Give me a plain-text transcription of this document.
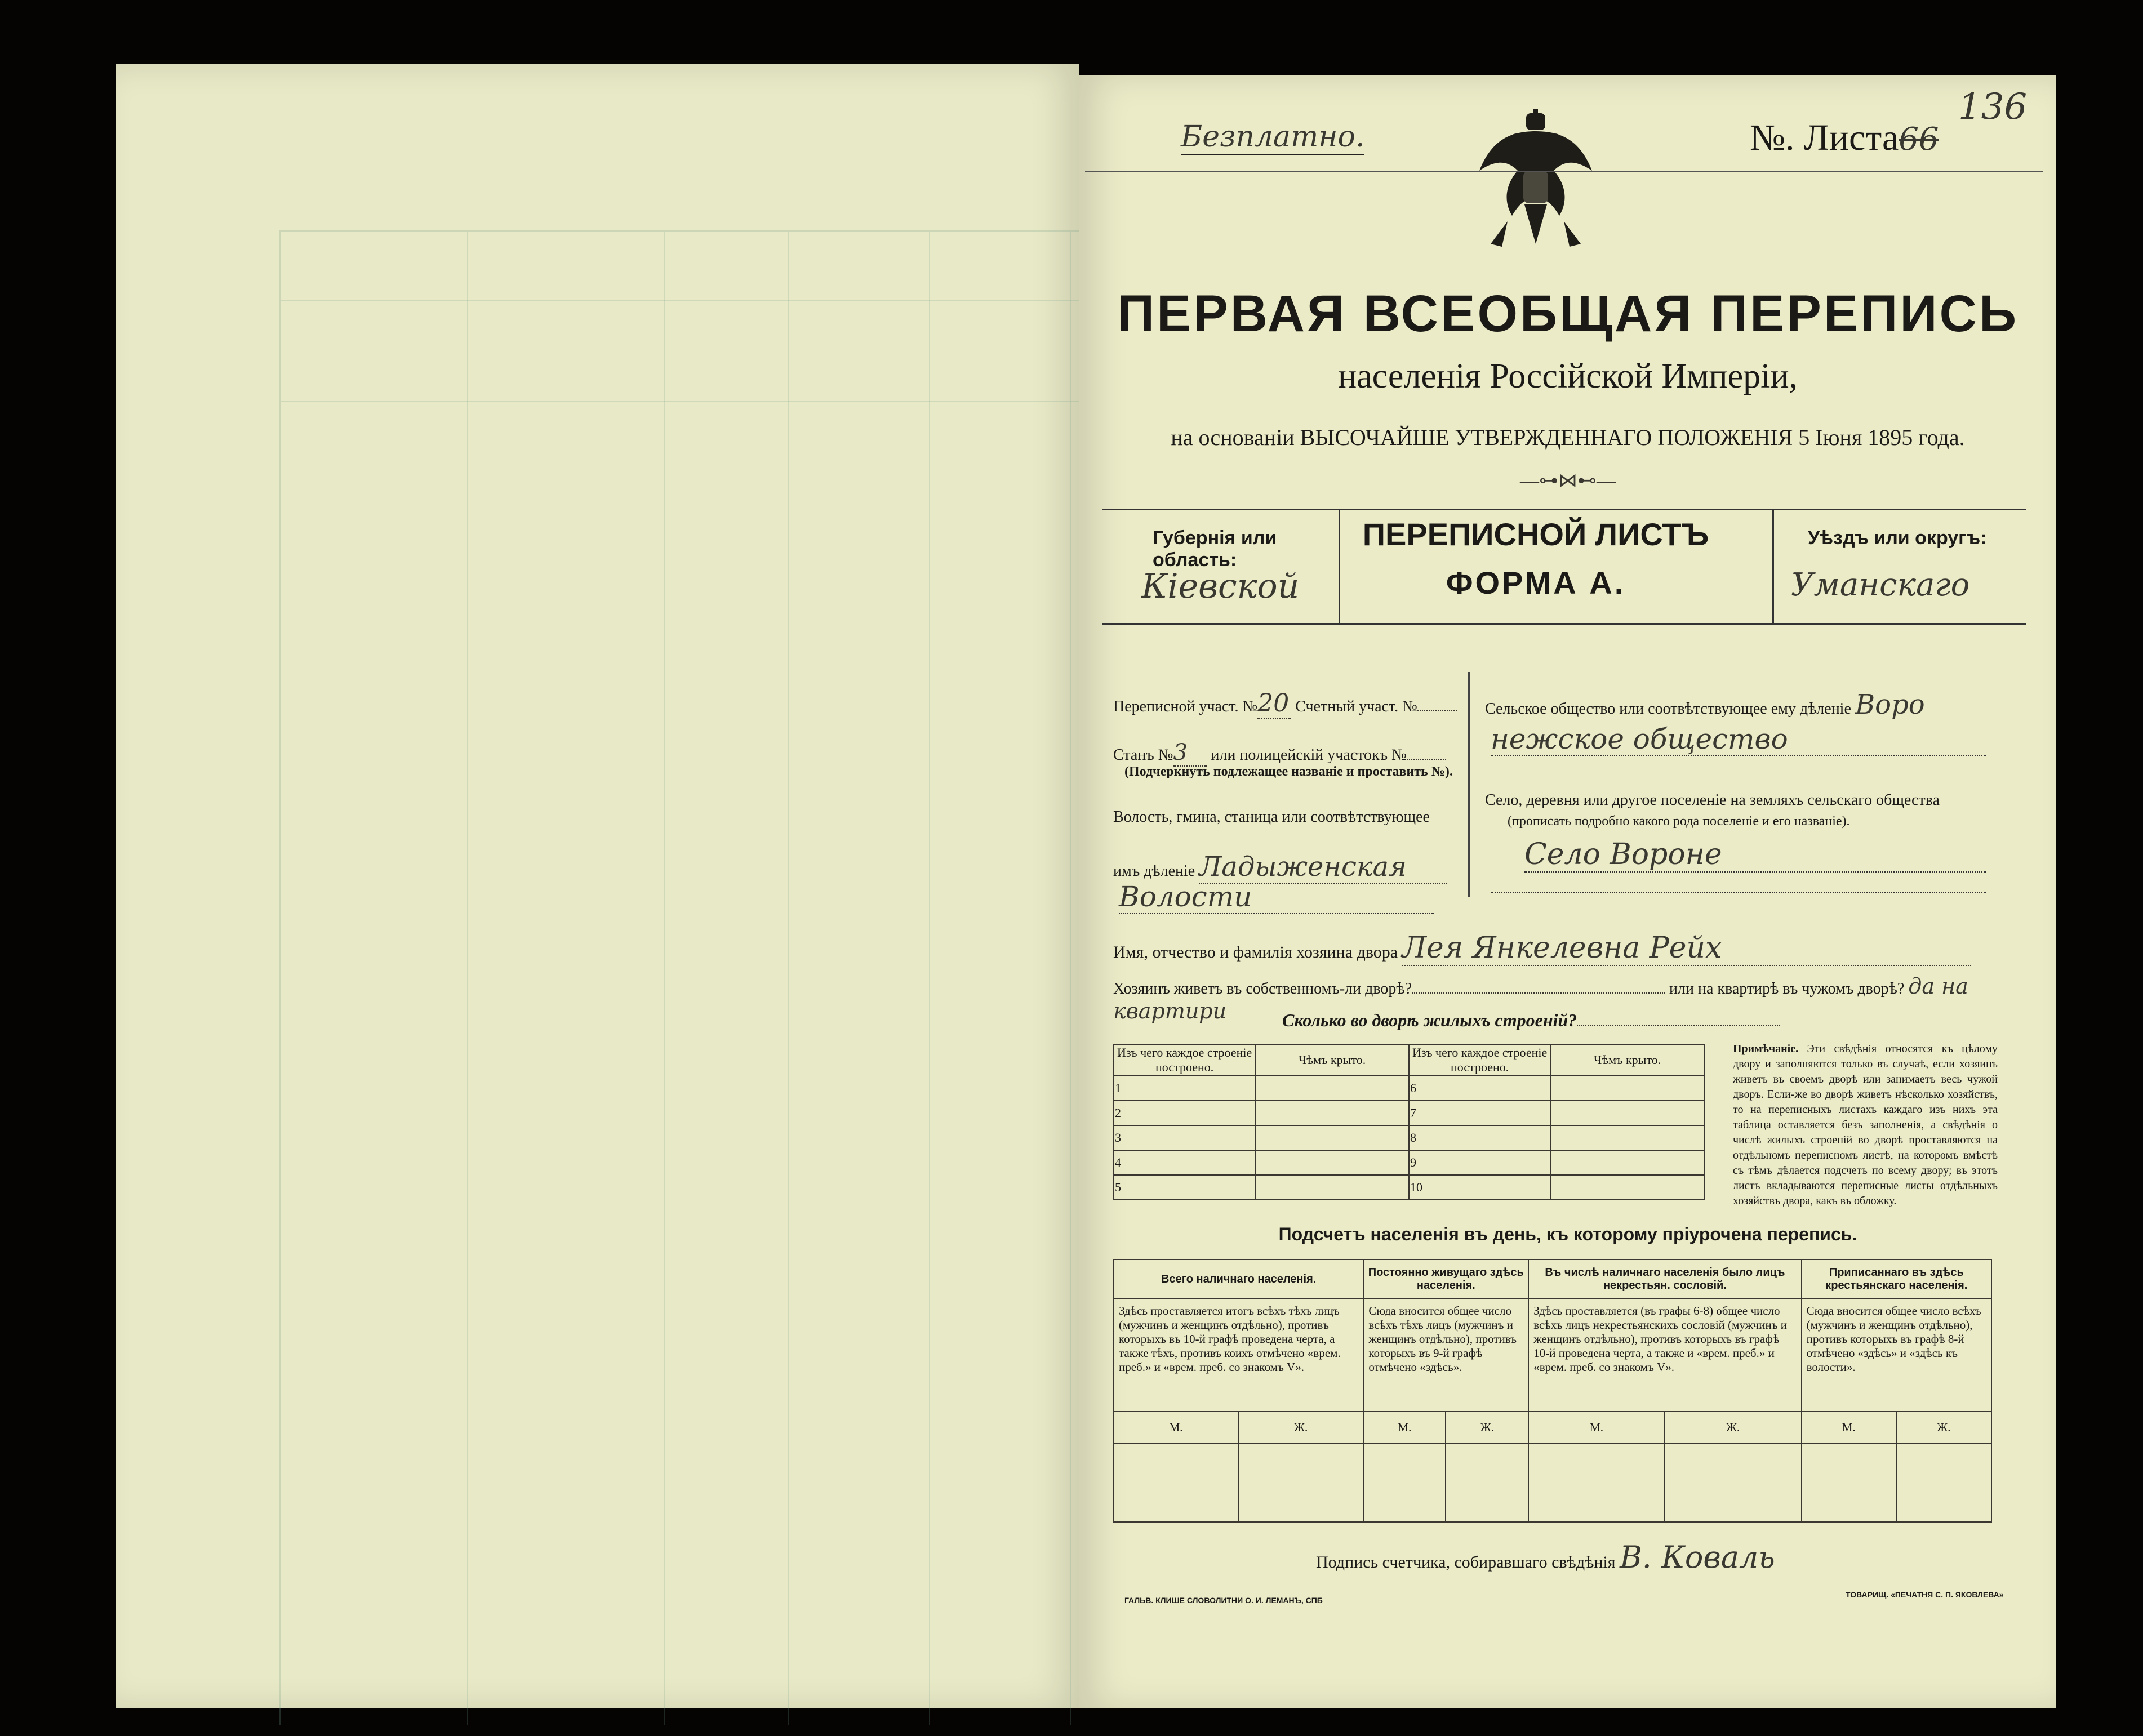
Безплатно.	№. Листа66
136
ПЕРВАЯ ВСЕОБЩАЯ ПЕРЕПИСЬ
населенія Россійской Имперіи,
на основаніи ВЫСОЧАЙШЕ УТВЕРЖДЕННАГО ПОЛОЖЕНІЯ 5 Іюня 1895 года.
—⊶⋈⊷—
Губернія или область:
Кіевской
ПЕРЕПИСНОЙ ЛИСТЪ
ФОРМА А.
Уѣздъ или округъ:
Уманскаго
Переписной участ. №20 Счетный участ. №
Станъ №3 или полицейскій участокъ №
(Подчеркнуть подлежащее названіе и проставить №).
Волость, гмина, станица или соотвѣтствующее
имъ дѣленіе Ладыженская
Волости
Сельское общество или соотвѣтствующее ему дѣленіе Воро
нежское общество
Село, деревня или другое поселеніе на земляхъ сельскаго общества
(прописать подробно какого рода поселеніе и его названіе).
Село Вороне
Имя, отчество и фамилія хозяина двора Лея Янкелевна Рейх
Хозяинъ живетъ въ собственномъ-ли дворѣ?	или на квартирѣ въ чужомъ дворѣ? да на квартири	Сколько во дворѣ жилыхъ строеній?
Изъ чего каждое строеніе построено.	Чѣмъ крыто.	Изъ чего каждое строеніе построено.	Чѣмъ крыто.
1		6	
2		7	
3		8	
4		9	
5		10	
Примѣчаніе. Эти свѣдѣнія относятся къ цѣлому двору и заполняются только въ случаѣ, если хозяинъ живетъ въ своемъ дворѣ или занимаетъ весь чужой дворъ. Если-же во дворѣ живетъ нѣсколько хозяйствъ, то на переписныхъ листахъ каждаго изъ нихъ эта таблица оставляется безъ заполненія, а свѣдѣнія о числѣ жилыхъ строеній во дворѣ проставляются на отдѣльномъ переписномъ листѣ, на которомъ вмѣстѣ съ тѣмъ дѣлается подсчетъ по всему двору; въ этотъ листъ вкладываются переписные листы отдѣльныхъ хозяйствъ двора, какъ въ обложку.
Подсчетъ населенія въ день, къ которому пріурочена перепись.
Всего наличнаго населенія.		Постоянно живущаго здѣсь населенія.		Въ числѣ наличнаго населенія было лицъ некрестьян. сословій.		Приписаннаго въ здѣсь крестьянскаго населенія.	
Здѣсь проставляется итогъ всѣхъ тѣхъ лицъ (мужчинъ и женщинъ отдѣльно), противъ которыхъ въ 10-й графѣ проведена черта, а также тѣхъ, противъ коихъ отмѣчено «врем. преб.» и «врем. преб. со знакомъ V».		Сюда вносится общее число всѣхъ тѣхъ лицъ (мужчинъ и женщинъ отдѣльно), противъ которыхъ въ 9-й графѣ отмѣчено «здѣсь».		Здѣсь проставляется (въ графы 6-8) общее число всѣхъ лицъ некрестьянскихъ сословій (мужчинъ и женщинъ отдѣльно), противъ которыхъ въ графѣ 10-й проведена черта, а также и «врем. преб.» и «врем. преб. со знакомъ V».		Сюда вносится общее число всѣхъ (мужчинъ и женщинъ отдѣльно), противъ которыхъ въ графѣ 8-й отмѣчено «здѣсь» и «здѣсь къ волости».	
М.	Ж.	М.	Ж.	М.	Ж.	М.	Ж.

Подпись счетчика, собиравшаго свѣдѣнія В. Коваль
ГАЛЬВ. КЛИШЕ СЛОВОЛИТНИ О. И. ЛЕМАНЪ, СПБ
ТОВАРИЩ. «ПЕЧАТНЯ С. П. ЯКОВЛЕВА»
